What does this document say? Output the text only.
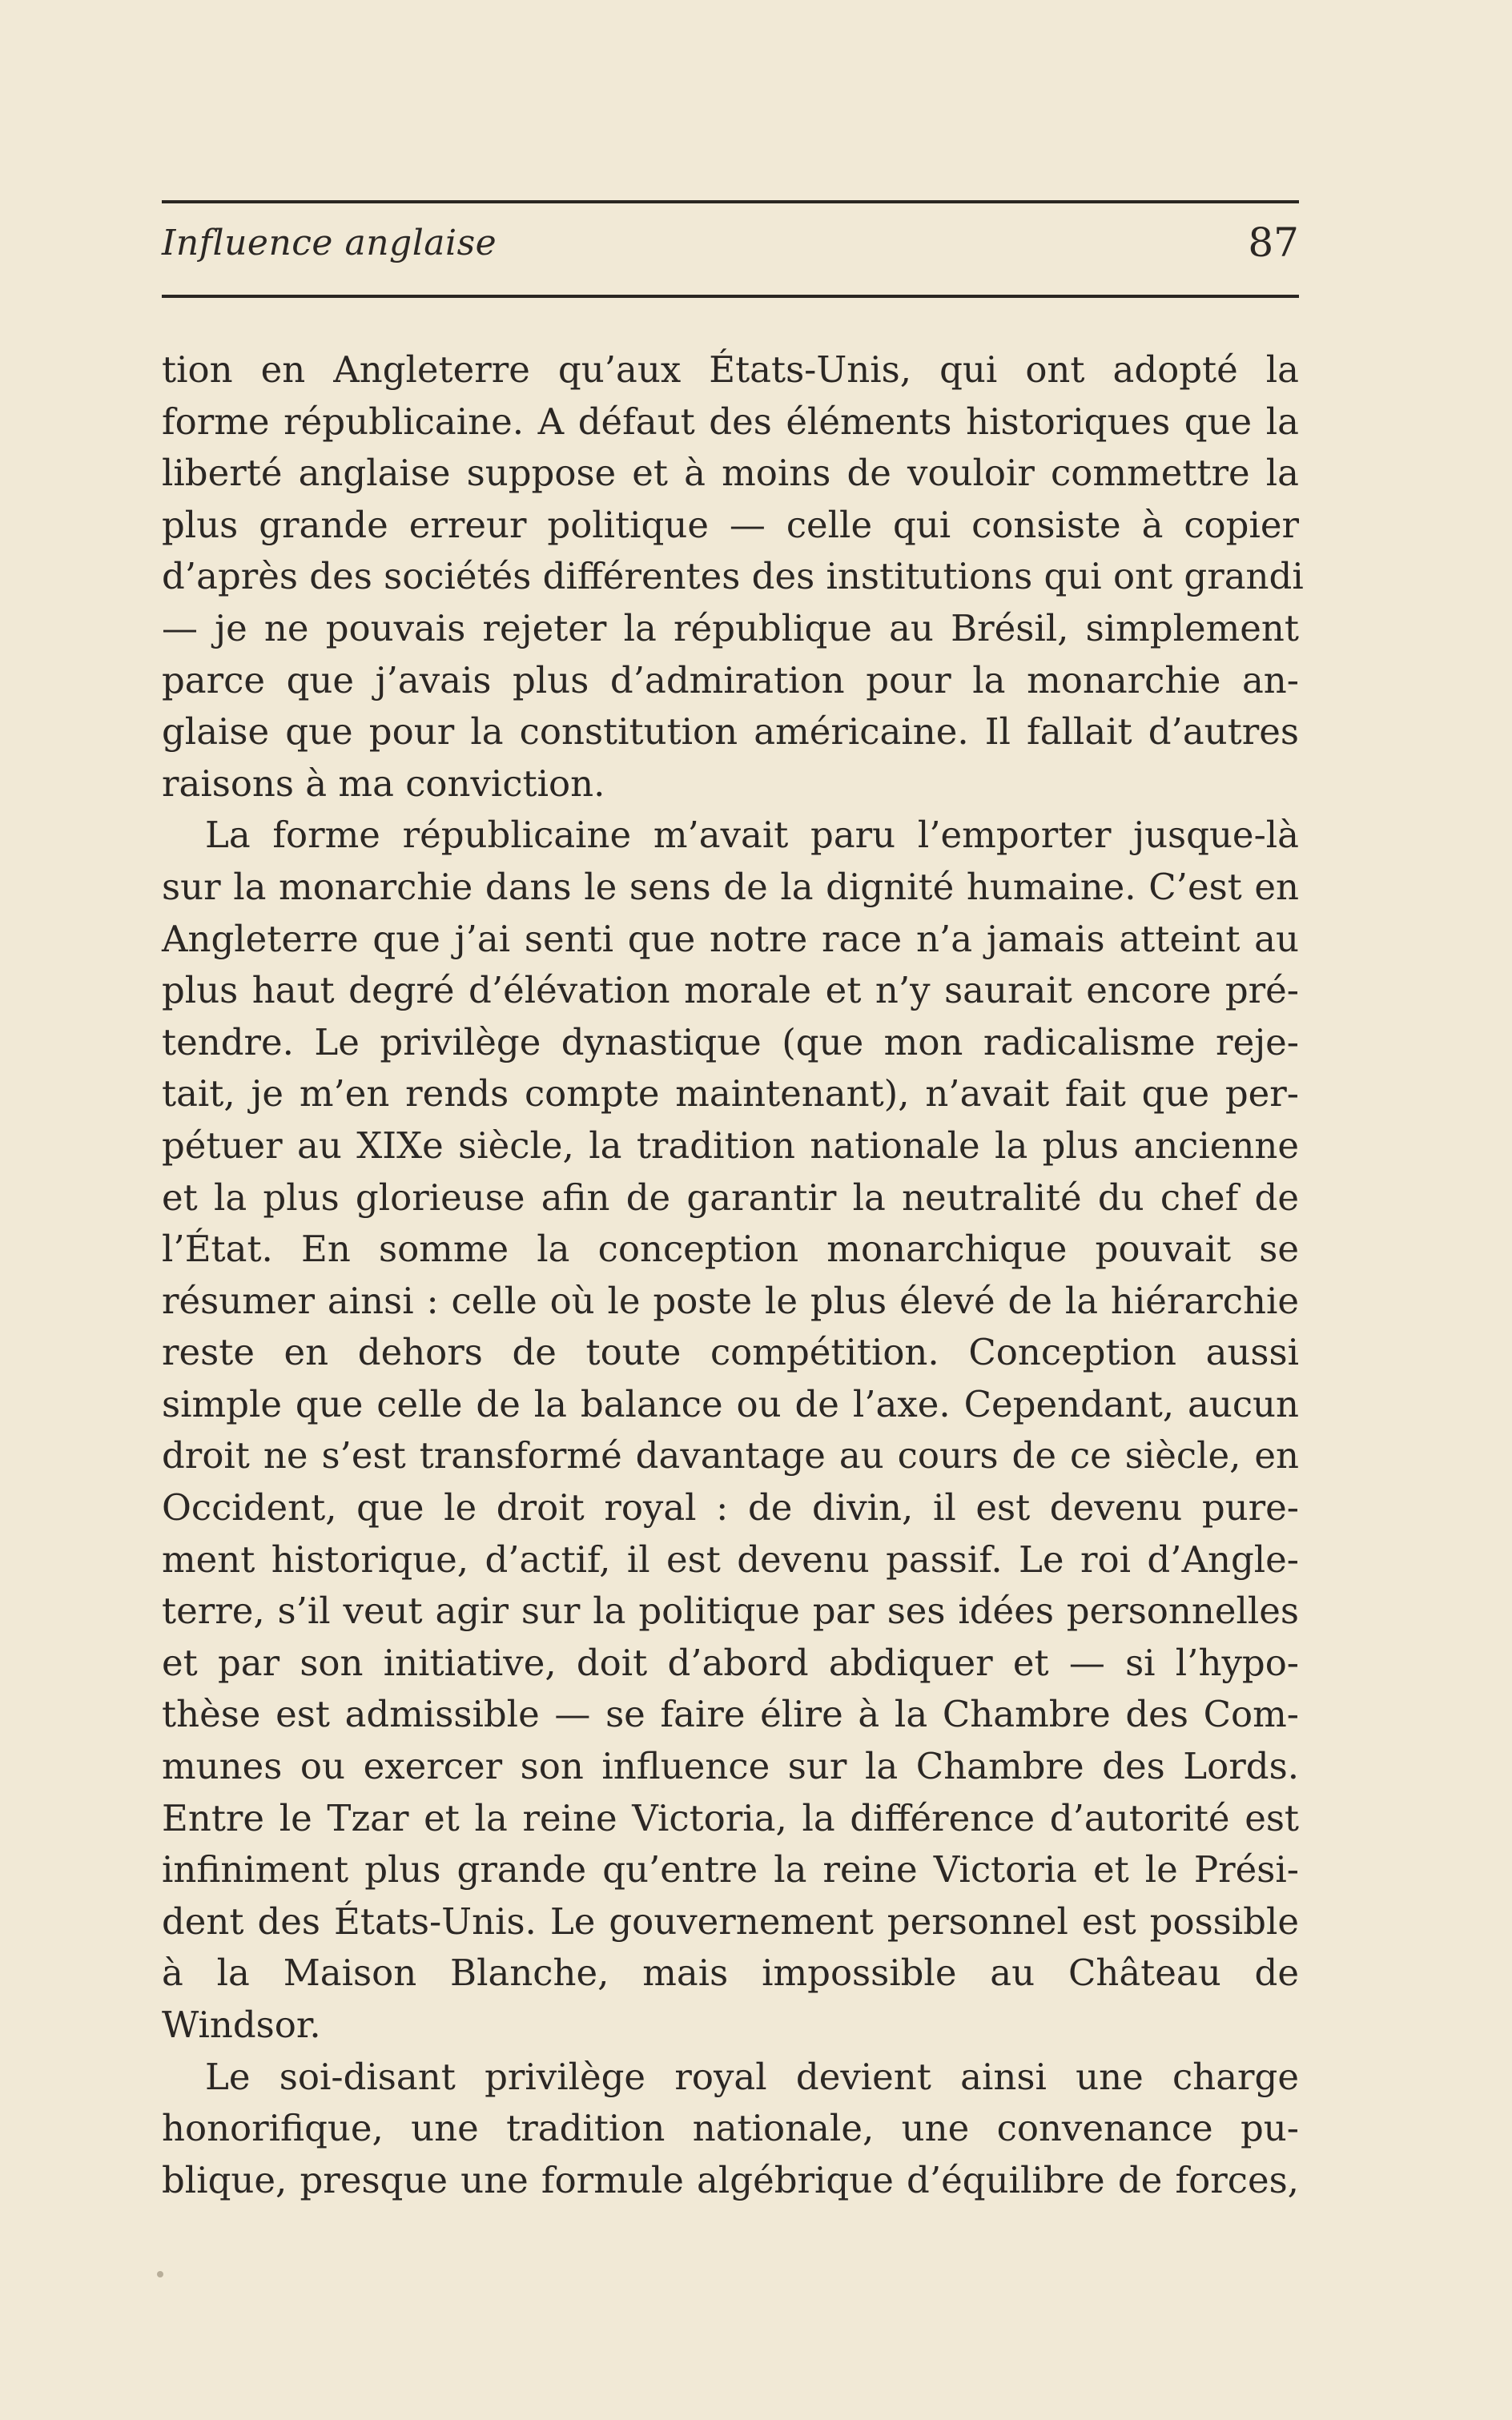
Influence anglaise	87
tion en Angleterre qu’aux États-Unis, qui ont adopté la
forme républicaine. A défaut des éléments historiques que la
liberté anglaise suppose et à moins de vouloir commettre la
plus grande erreur politique — celle qui consiste à copier
d’après des sociétés différentes des institutions qui ont grandi
— je ne pouvais rejeter la république au Brésil, simplement
parce que j’avais plus d’admiration pour la monarchie an-
glaise que pour la constitution américaine. Il fallait d’autres
raisons à ma conviction.
La forme républicaine m’avait paru l’emporter jusque-là
sur la monarchie dans le sens de la dignité humaine. C’est en
Angleterre que j’ai senti que notre race n’a jamais atteint au
plus haut degré d’élévation morale et n’y saurait encore pré-
tendre. Le privilège dynastique (que mon radicalisme reje-
tait, je m’en rends compte maintenant), n’avait fait que per-
pétuer au XIXe siècle, la tradition nationale la plus ancienne
et la plus glorieuse afin de garantir la neutralité du chef de
l’État. En somme la conception monarchique pouvait se
résumer ainsi : celle où le poste le plus élevé de la hiérarchie
reste en dehors de toute compétition. Conception aussi
simple que celle de la balance ou de l’axe. Cependant, aucun
droit ne s’est transformé davantage au cours de ce siècle, en
Occident, que le droit royal : de divin, il est devenu pure-
ment historique, d’actif, il est devenu passif. Le roi d’Angle-
terre, s’il veut agir sur la politique par ses idées personnelles
et par son initiative, doit d’abord abdiquer et — si l’hypo-
thèse est admissible — se faire élire à la Chambre des Com-
munes ou exercer son influence sur la Chambre des Lords.
Entre le Tzar et la reine Victoria, la différence d’autorité est
infiniment plus grande qu’entre la reine Victoria et le Prési-
dent des États-Unis. Le gouvernement personnel est possible
à la Maison Blanche, mais impossible au Château de
Windsor.
Le soi-disant privilège royal devient ainsi une charge
honorifique, une tradition nationale, une convenance pu-
blique, presque une formule algébrique d’équilibre de forces,
